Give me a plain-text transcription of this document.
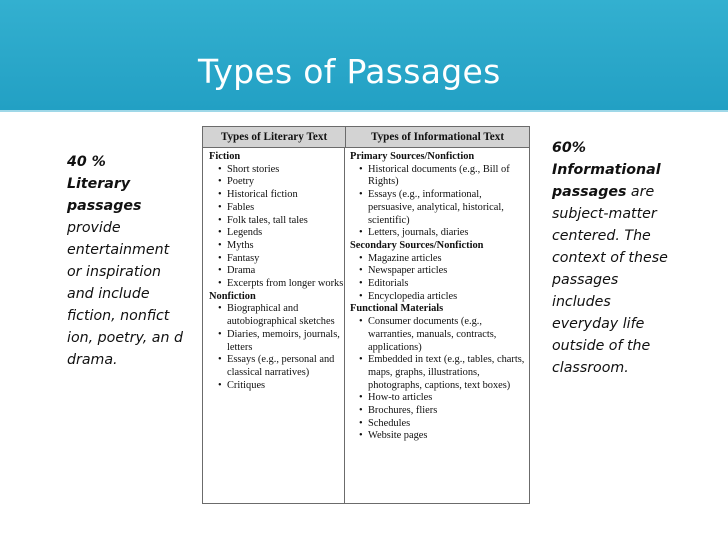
Types of Passages
40 %
Literary
passages provide entertainment or inspiration and include fiction, nonfict ion, poetry, an d drama.
60%
Informational
passages are subject-matter centered. The context of these passages includes everyday life outside of the classroom.
Types of Literary Text	Types of Informational Text
Fiction
• Short stories
• Poetry
• Historical fiction
• Fables
• Folk tales, tall tales
• Legends
• Myths
• Fantasy
• Drama
• Excerpts from longer works
Nonfiction
• Biographical and autobiographical sketches
• Diaries, memoirs, journals, letters
• Essays (e.g., personal and classical narratives)
• Critiques
Primary Sources/Nonfiction
• Historical documents (e.g., Bill of Rights)
• Essays (e.g., informational, persuasive, analytical, historical, scientific)
• Letters, journals, diaries
Secondary Sources/Nonfiction
• Magazine articles
• Newspaper articles
• Editorials
• Encyclopedia articles
Functional Materials
• Consumer documents (e.g., warranties, manuals, contracts, applications)
• Embedded in text (e.g., tables, charts, maps, graphs, illustrations, photographs, captions, text boxes)
• How-to articles
• Brochures, fliers
• Schedules
• Website pages
